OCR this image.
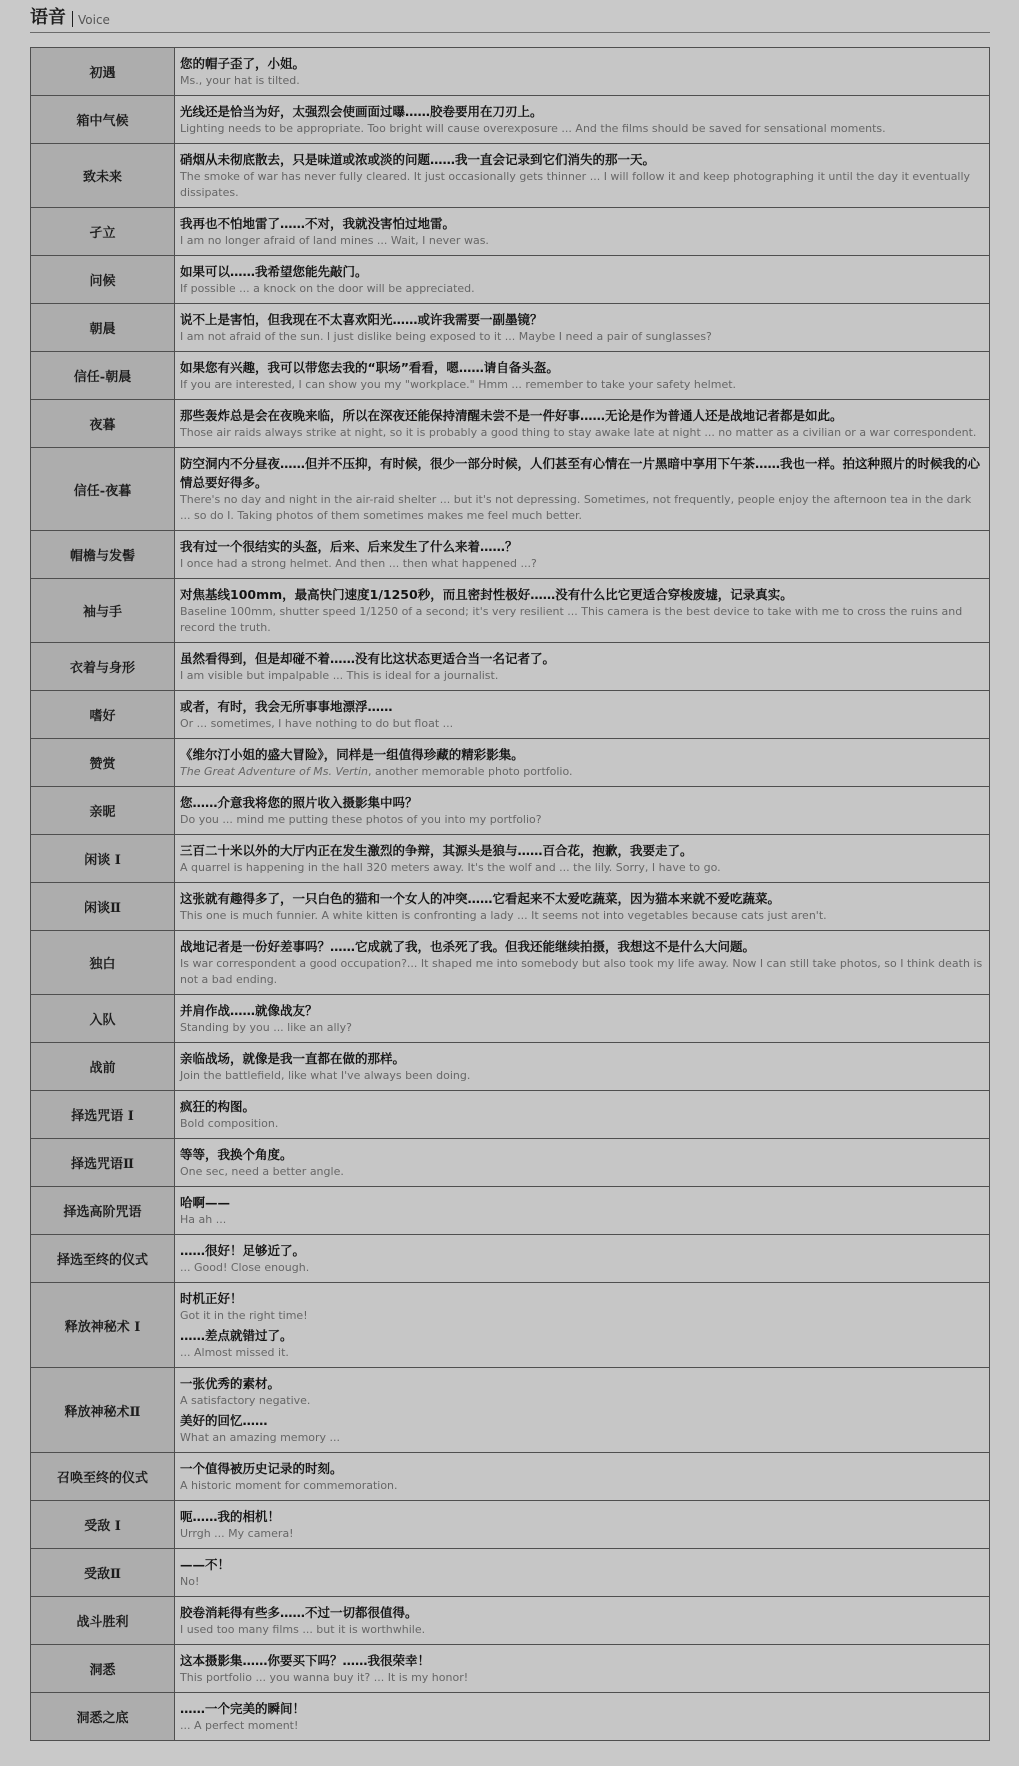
语音 Voice
初遇	您的帽子歪了，小姐。
Ms., your hat is tilted.

箱中气候	光线还是恰当为好，太强烈会使画面过曝……胶卷要用在刀刃上。
Lighting needs to be appropriate. Too bright will cause overexposure ... And the films should be saved for sensational moments.

致未来	硝烟从未彻底散去，只是味道或浓或淡的问题……我一直会记录到它们消失的那一天。
The smoke of war has never fully cleared. It just occasionally gets thinner ... I will follow it and keep photographing it until the day it eventually dissipates.

孑立	我再也不怕地雷了……不对，我就没害怕过地雷。
I am no longer afraid of land mines ... Wait, I never was.

问候	如果可以……我希望您能先敲门。
If possible ... a knock on the door will be appreciated.

朝晨	说不上是害怕，但我现在不太喜欢阳光……或许我需要一副墨镜？
I am not afraid of the sun. I just dislike being exposed to it ... Maybe I need a pair of sunglasses?

信任-朝晨	如果您有兴趣，我可以带您去我的“职场”看看，嗯……请自备头盔。
If you are interested, I can show you my "workplace." Hmm ... remember to take your safety helmet.

夜暮	那些轰炸总是会在夜晚来临，所以在深夜还能保持清醒未尝不是一件好事……无论是作为普通人还是战地记者都是如此。
Those air raids always strike at night, so it is probably a good thing to stay awake late at night ... no matter as a civilian or a war correspondent.

信任-夜暮	防空洞内不分昼夜……但并不压抑，有时候，很少一部分时候，人们甚至有心情在一片黑暗中享用下午茶……我也一样。拍这种照片的时候我的心情总要好得多。
There's no day and night in the air-raid shelter ... but it's not depressing. Sometimes, not frequently, people enjoy the afternoon tea in the dark ... so do I. Taking photos of them sometimes makes me feel much better.

帽檐与发髻	我有过一个很结实的头盔，后来、后来发生了什么来着……？
I once had a strong helmet. And then ... then what happened ...?

袖与手	对焦基线100mm，最高快门速度1/1250秒，而且密封性极好……没有什么比它更适合穿梭废墟，记录真实。
Baseline 100mm, shutter speed 1/1250 of a second; it's very resilient ... This camera is the best device to take with me to cross the ruins and record the truth.

衣着与身形	虽然看得到，但是却碰不着……没有比这状态更适合当一名记者了。
I am visible but impalpable ... This is ideal for a journalist.

嗜好	或者，有时，我会无所事事地漂浮……
Or ... sometimes, I have nothing to do but float ...

赞赏	《维尔汀小姐的盛大冒险》，同样是一组值得珍藏的精彩影集。
The Great Adventure of Ms. Vertin, another memorable photo portfolio.

亲昵	您……介意我将您的照片收入摄影集中吗？
Do you ... mind me putting these photos of you into my portfolio?

闲谈 I	三百二十米以外的大厅内正在发生激烈的争辩，其源头是狼与……百合花，抱歉，我要走了。
A quarrel is happening in the hall 320 meters away. It's the wolf and ... the lily. Sorry, I have to go.

闲谈Ⅱ	这张就有趣得多了，一只白色的猫和一个女人的冲突……它看起来不太爱吃蔬菜，因为猫本来就不爱吃蔬菜。
This one is much funnier. A white kitten is confronting a lady ... It seems not into vegetables because cats just aren't.

独白	战地记者是一份好差事吗？……它成就了我，也杀死了我。但我还能继续拍摄，我想这不是什么大问题。
Is war correspondent a good occupation?... It shaped me into somebody but also took my life away. Now I can still take photos, so I think death is not a bad ending.

入队	并肩作战……就像战友？
Standing by you ... like an ally?

战前	亲临战场，就像是我一直都在做的那样。
Join the battlefield, like what I've always been doing.

择选咒语 I	疯狂的构图。
Bold composition.

择选咒语Ⅱ	等等，我换个角度。
One sec, need a better angle.

择选高阶咒语	哈啊——
Ha ah ...

择选至终的仪式	……很好！足够近了。
... Good! Close enough.

释放神秘术 I	时机正好！
Got it in the right time!
……差点就错过了。
... Almost missed it.

释放神秘术Ⅱ	一张优秀的素材。
A satisfactory negative.
美好的回忆……
What an amazing memory ...

召唤至终的仪式	一个值得被历史记录的时刻。
A historic moment for commemoration.

受敌 I	呃……我的相机！
Urrgh ... My camera!

受敌Ⅱ	——不！
No!

战斗胜利	胶卷消耗得有些多……不过一切都很值得。
I used too many films ... but it is worthwhile.

洞悉	这本摄影集……你要买下吗？……我很荣幸！
This portfolio ... you wanna buy it? ... It is my honor!

洞悉之底	……一个完美的瞬间！
... A perfect moment!
